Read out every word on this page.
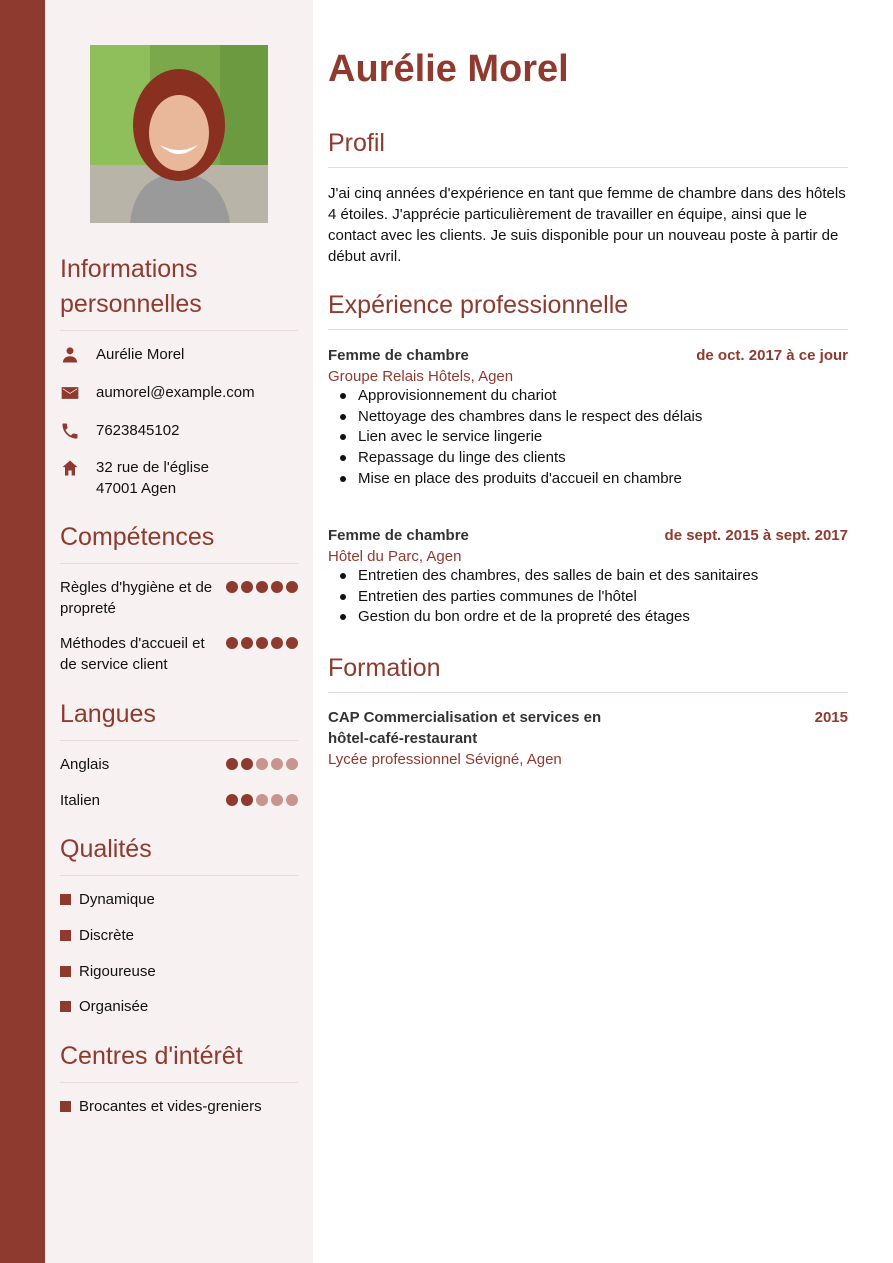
Informations personnelles
Aurélie Morel
aumorel@example.com
7623845102
32 rue de l'église
47001 Agen
Compétences
Règles d'hygiène et de propreté
Méthodes d'accueil et de service client
Langues
Anglais
Italien
Qualités
Dynamique
Discrète
Rigoureuse
Organisée
Centres d'intérêt
Brocantes et vides-greniers
Aurélie Morel
Profil

J'ai cinq années d'expérience en tant que femme de chambre dans des hôtels 4 étoiles. J'apprécie particulièrement de travailler en équipe, ainsi que le contact avec les clients. Je suis disponible pour un nouveau poste à partir de début avril.

Expérience professionnelle
Femme de chambre	de oct. 2017 à ce jour
Groupe Relais Hôtels, Agen
Approvisionnement du chariot
Nettoyage des chambres dans le respect des délais
Lien avec le service lingerie
Repassage du linge des clients
Mise en place des produits d'accueil en chambre
Femme de chambre	de sept. 2015 à sept. 2017
Hôtel du Parc, Agen
Entretien des chambres, des salles de bain et des sanitaires
Entretien des parties communes de l'hôtel
Gestion du bon ordre et de la propreté des étages
Formation
CAP Commercialisation et services en hôtel-café-restaurant
2015
Lycée professionnel Sévigné, Agen
